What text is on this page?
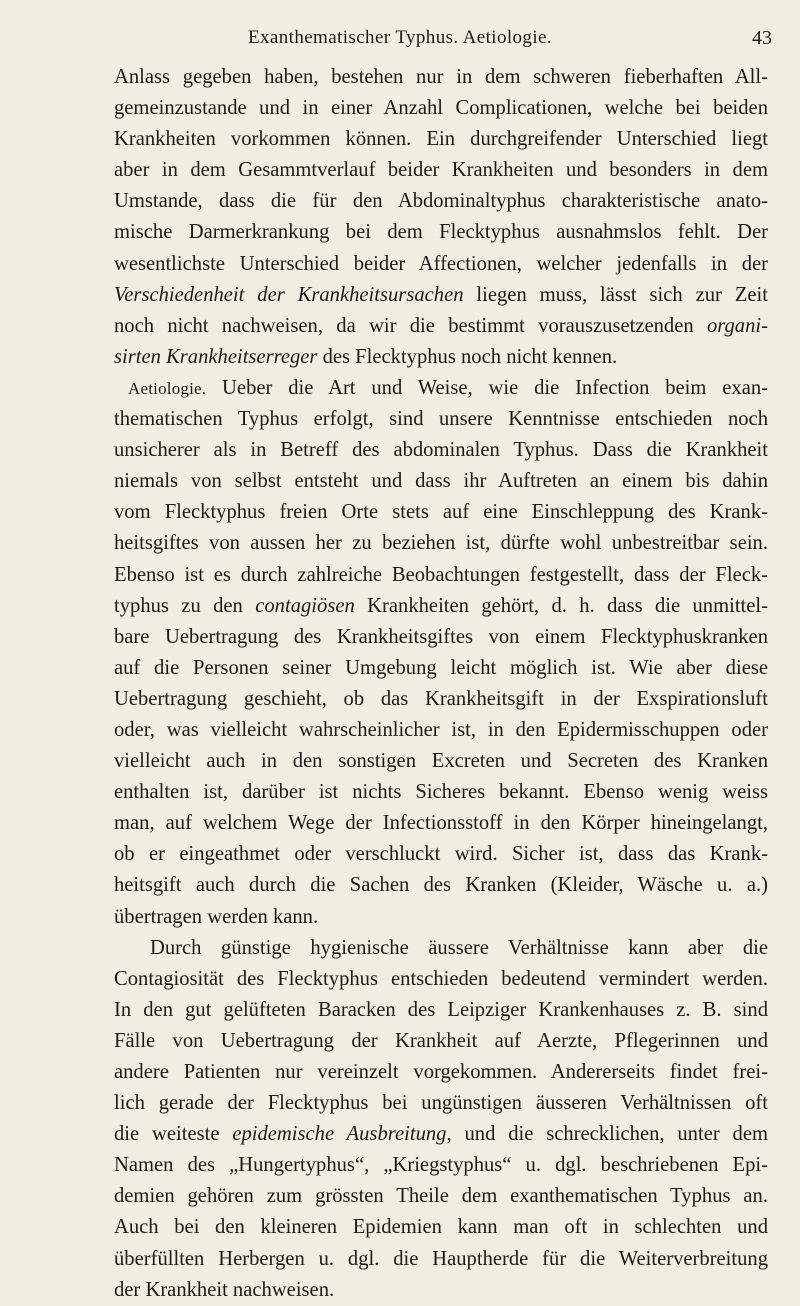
Exanthematischer Typhus. Aetiologie.	43
Anlass gegeben haben, bestehen nur in dem schweren fieberhaften All-
gemeinzustande und in einer Anzahl Complicationen, welche bei beiden
Krankheiten vorkommen können. Ein durchgreifender Unterschied liegt
aber in dem Gesammtverlauf beider Krankheiten und besonders in dem
Umstande, dass die für den Abdominaltyphus charakteristische anato-
mische Darmerkrankung bei dem Flecktyphus ausnahmslos fehlt. Der
wesentlichste Unterschied beider Affectionen, welcher jedenfalls in der
Verschiedenheit der Krankheitsursachen liegen muss, lässt sich zur Zeit
noch nicht nachweisen, da wir die bestimmt vorauszusetzenden organi-
sirten Krankheitserreger des Flecktyphus noch nicht kennen.
Aetiologie. Ueber die Art und Weise, wie die Infection beim exan-
thematischen Typhus erfolgt, sind unsere Kenntnisse entschieden noch
unsicherer als in Betreff des abdominalen Typhus. Dass die Krankheit
niemals von selbst entsteht und dass ihr Auftreten an einem bis dahin
vom Flecktyphus freien Orte stets auf eine Einschleppung des Krank-
heitsgiftes von aussen her zu beziehen ist, dürfte wohl unbestreitbar sein.
Ebenso ist es durch zahlreiche Beobachtungen festgestellt, dass der Fleck-
typhus zu den contagiösen Krankheiten gehört, d. h. dass die unmittel-
bare Uebertragung des Krankheitsgiftes von einem Flecktyphuskranken
auf die Personen seiner Umgebung leicht möglich ist. Wie aber diese
Uebertragung geschieht, ob das Krankheitsgift in der Exspirationsluft
oder, was vielleicht wahrscheinlicher ist, in den Epidermisschuppen oder
vielleicht auch in den sonstigen Excreten und Secreten des Kranken
enthalten ist, darüber ist nichts Sicheres bekannt. Ebenso wenig weiss
man, auf welchem Wege der Infectionsstoff in den Körper hineingelangt,
ob er eingeathmet oder verschluckt wird. Sicher ist, dass das Krank-
heitsgift auch durch die Sachen des Kranken (Kleider, Wäsche u. a.)
übertragen werden kann.
Durch günstige hygienische äussere Verhältnisse kann aber die
Contagiosität des Flecktyphus entschieden bedeutend vermindert werden.
In den gut gelüfteten Baracken des Leipziger Krankenhauses z. B. sind
Fälle von Uebertragung der Krankheit auf Aerzte, Pflegerinnen und
andere Patienten nur vereinzelt vorgekommen. Andererseits findet frei-
lich gerade der Flecktyphus bei ungünstigen äusseren Verhältnissen oft
die weiteste epidemische Ausbreitung, und die schrecklichen, unter dem
Namen des „Hungertyphus“, „Kriegstyphus“ u. dgl. beschriebenen Epi-
demien gehören zum grössten Theile dem exanthematischen Typhus an.
Auch bei den kleineren Epidemien kann man oft in schlechten und
überfüllten Herbergen u. dgl. die Hauptherde für die Weiterverbreitung
der Krankheit nachweisen.
